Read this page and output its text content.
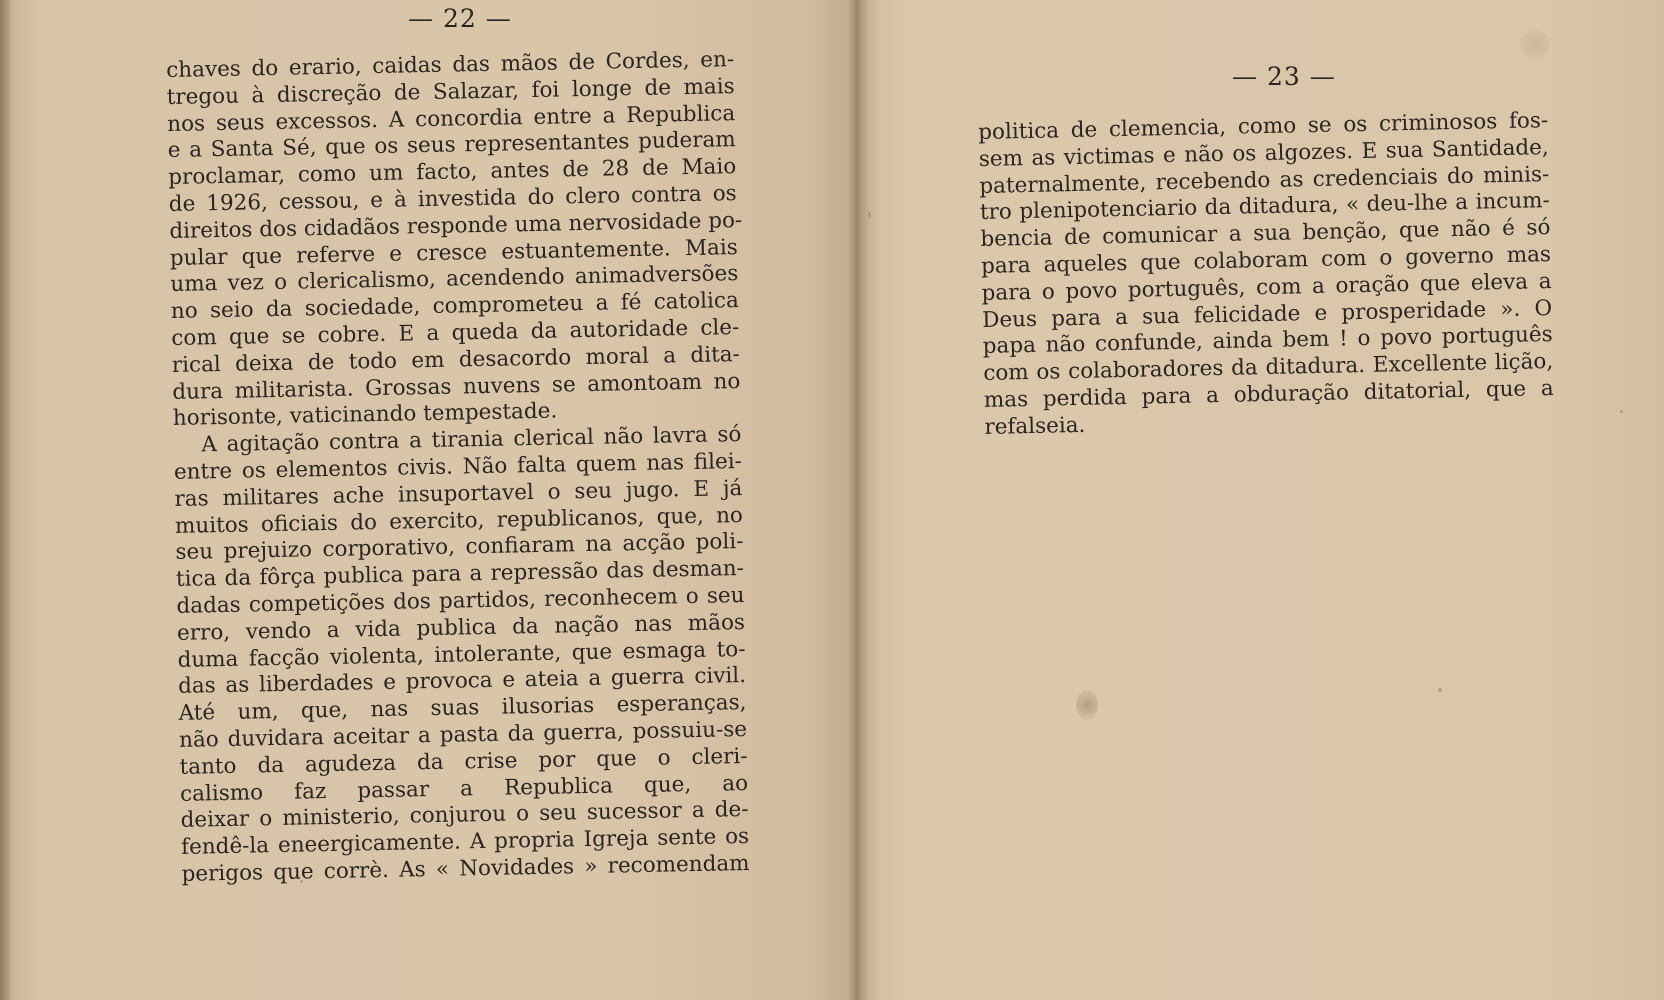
— 22 —
chaves do erario, caidas das mãos de Cordes, en-
tregou à discreção de Salazar, foi longe de mais
nos seus excessos. A concordia entre a Republica
e a Santa Sé, que os seus representantes puderam
proclamar, como um facto, antes de 28 de Maio
de 1926, cessou, e à investida do clero contra os
direitos dos cidadãos responde uma nervosidade po-
pular que referve e cresce estuantemente. Mais
uma vez o clericalismo, acendendo animadversões
no seio da sociedade, comprometeu a fé catolica
com que se cobre. E a queda da autoridade cle-
rical deixa de todo em desacordo moral a dita-
dura militarista. Grossas nuvens se amontoam no
horisonte, vaticinando tempestade.
A agitação contra a tirania clerical não lavra só
entre os elementos civis. Não falta quem nas filei-
ras militares ache insuportavel o seu jugo. E já
muitos oficiais do exercito, republicanos, que, no
seu prejuizo corporativo, confiaram na acção poli-
tica da fôrça publica para a repressão das desman-
dadas competições dos partidos, reconhecem o seu
erro, vendo a vida publica da nação nas mãos
duma facção violenta, intolerante, que esmaga to-
das as liberdades e provoca e ateia a guerra civil.
Até um, que, nas suas ilusorias esperanças,
não duvidara aceitar a pasta da guerra, possuiu-se
tanto da agudeza da crise por que o cleri-
calismo faz passar a Republica que, ao
deixar o ministerio, conjurou o seu sucessor a de-
fendê-la eneergicamente. A propria Igreja sente os
perigos que corrè. As « Novidades » recomendam
— 23 —
politica de clemencia, como se os criminosos fos-
sem as victimas e não os algozes. E sua Santidade,
paternalmente, recebendo as credenciais do minis-
tro plenipotenciario da ditadura, « deu-lhe a incum-
bencia de comunicar a sua benção, que não é só
para aqueles que colaboram com o governo mas
para o povo português, com a oração que eleva a
Deus para a sua felicidade e prosperidade ». O
papa não confunde, ainda bem ! o povo português
com os colaboradores da ditadura. Excellente lição,
mas perdida para a obduração ditatorial, que a
refalseia.
